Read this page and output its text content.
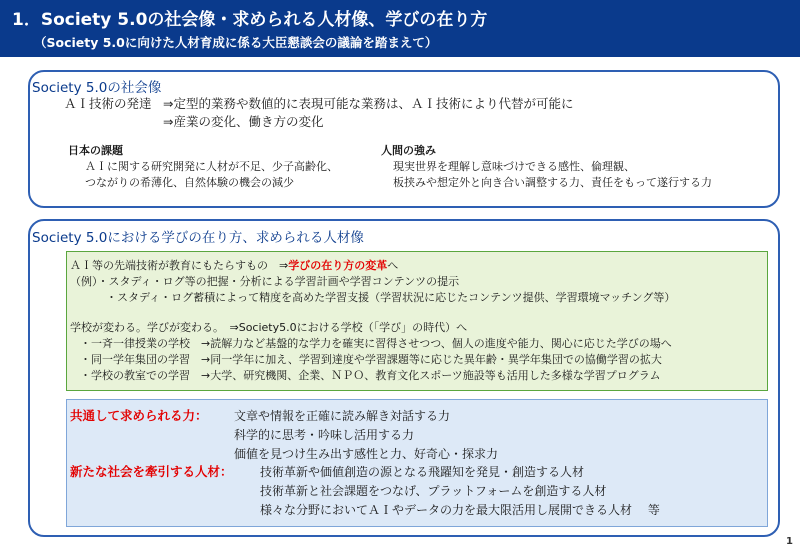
1．Society 5.0の社会像・求められる人材像、学びの在り方
（Society 5.0に向けた人材育成に係る大臣懇談会の議論を踏まえて）
Society 5.0の社会像
ＡＩ技術の発達 ⇒定型的業務や数値的に表現可能な業務は、ＡＩ技術により代替が可能に
⇒産業の変化、働き方の変化
日本の課題
ＡＩに関する研究開発に人材が不足、少子高齢化、
つながりの希薄化、自然体験の機会の減少
人間の強み
現実世界を理解し意味づけできる感性、倫理観、
板挟みや想定外と向き合い調整する力、責任をもって遂行する力
Society 5.0における学びの在り方、求められる人材像
ＡＩ等の先端技術が教育にもたらすもの　⇒学びの在り方の変革へ
（例）・スタディ・ログ等の把握・分析による学習計画や学習コンテンツの提示
・スタディ・ログ蓄積によって精度を高めた学習支援（学習状況に応じたコンテンツ提供、学習環境マッチング等）
学校が変わる。学びが変わる。　⇒Society5.0における学校（「学び」の時代）へ
・一斉一律授業の学校　→読解力など基盤的な学力を確実に習得させつつ、個人の進度や能力、関心に応じた学びの場へ
・同一学年集団の学習　→同一学年に加え、学習到達度や学習課題等に応じた異年齢・異学年集団での協働学習の拡大
・学校の教室での学習　→大学、研究機関、企業、ＮＰＯ、教育文化スポーツ施設等も活用した多様な学習プログラム
共通して求められる力： 文章や情報を正確に読み解き対話する力
科学的に思考・吟味し活用する力
価値を見つけ生み出す感性と力、好奇心・探求力
新たな社会を牽引する人材： 技術革新や価値創造の源となる飛躍知を発見・創造する人材
技術革新と社会課題をつなげ、プラットフォームを創造する人材
様々な分野においてＡＩやデータの力を最大限活用し展開できる人材　 等
1
